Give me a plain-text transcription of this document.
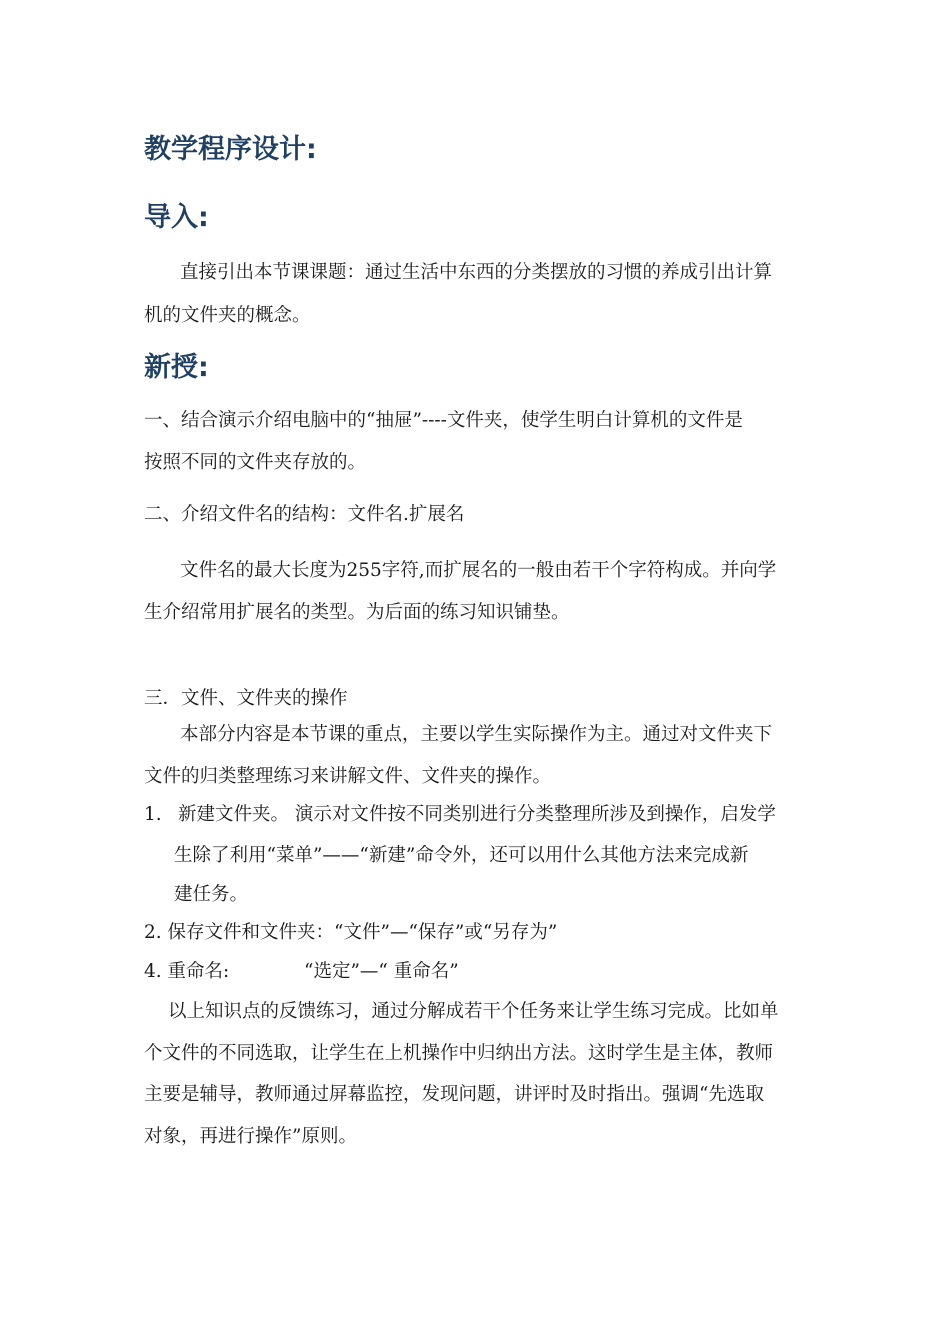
教学程序设计:
导入:

直接引出本节课课题：通过生活中东西的分类摆放的习惯的养成引出计算

机的文件夹的概念。

新授:

一、结合演示介绍电脑中的“抽屉”----文件夹，使学生明白计算机的文件是

按照不同的文件夹存放的。

二、介绍文件名的结构：文件名.扩展名

文件名的最大长度为255字符,而扩展名的一般由若干个字符构成。并向学

生介绍常用扩展名的类型。为后面的练习知识铺垫。

三．文件、文件夹的操作

本部分内容是本节课的重点，主要以学生实际操作为主。通过对文件夹下

文件的归类整理练习来讲解文件、文件夹的操作。

1. 新建文件夹。 演示对文件按不同类别进行分类整理所涉及到操作，启发学

生除了利用“菜单”——“新建”命令外，还可以用什么其他方法来完成新

建任务。

2. 保存文件和文件夹：“文件”—“保存”或“另存为”

4. 重命名:	“选定”—“ 重命名”

以上知识点的反馈练习，通过分解成若干个任务来让学生练习完成。比如单

个文件的不同选取，让学生在上机操作中归纳出方法。这时学生是主体，教师

主要是辅导，教师通过屏幕监控，发现问题，讲评时及时指出。强调“先选取

对象，再进行操作”原则。
